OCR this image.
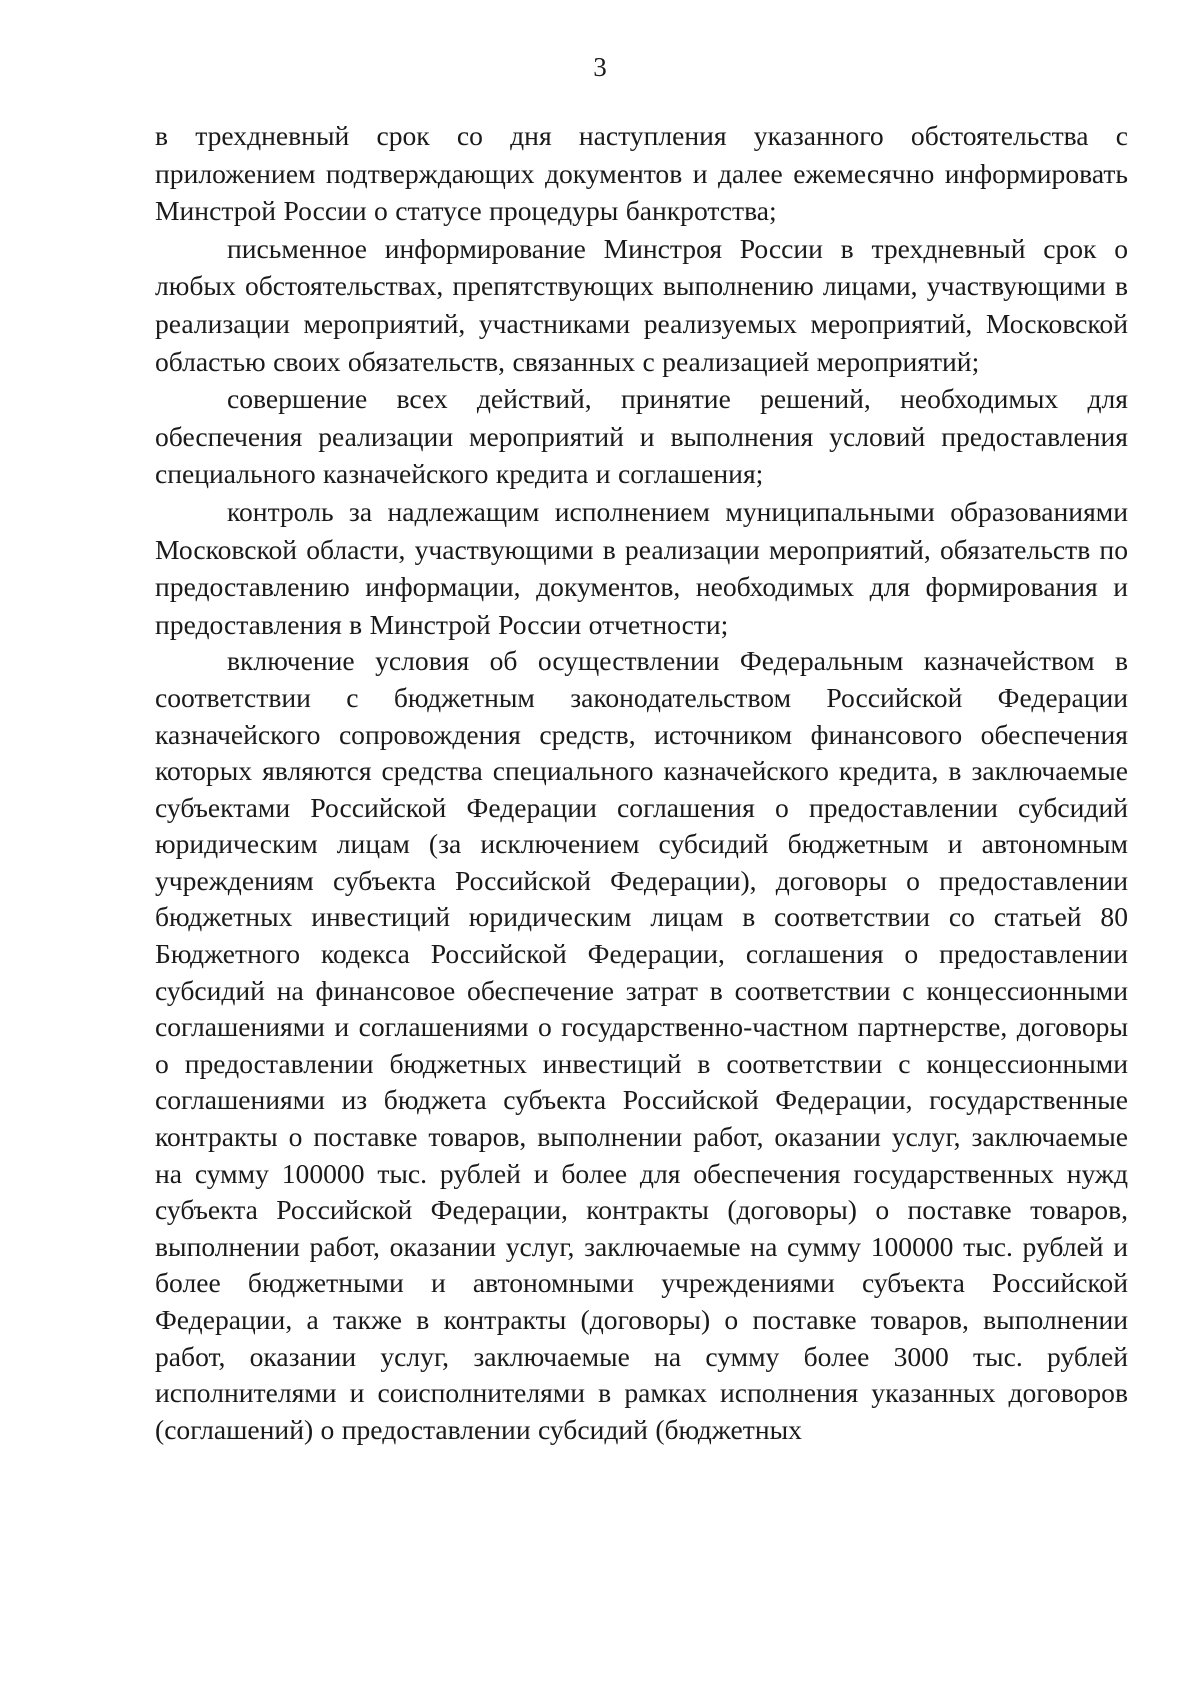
3

в трехдневный срок со дня наступления указанного обстоятельства с приложением подтверждающих документов и далее ежемесячно информировать Минстрой России о статусе процедуры банкротства;

письменное информирование Минстроя России в трехдневный срок о любых обстоятельствах, препятствующих выполнению лицами, участвующими в реализации мероприятий, участниками реализуемых мероприятий, Московской областью своих обязательств, связанных с реализацией мероприятий;

совершение всех действий, принятие решений, необходимых для обеспечения реализации мероприятий и выполнения условий предоставления специального казначейского кредита и соглашения;

контроль за надлежащим исполнением муниципальными образованиями Московской области, участвующими в реализации мероприятий, обязательств по предоставлению информации, документов, необходимых для формирования и предоставления в Минстрой России отчетности;

включение условия об осуществлении Федеральным казначейством в соответствии с бюджетным законодательством Российской Федерации казначейского сопровождения средств, источником финансового обеспечения которых являются средства специального казначейского кредита, в заключаемые субъектами Российской Федерации соглашения о предоставлении субсидий юридическим лицам (за исключением субсидий бюджетным и автономным учреждениям субъекта Российской Федерации), договоры о предоставлении бюджетных инвестиций юридическим лицам в соответствии со статьей 80 Бюджетного кодекса Российской Федерации, соглашения о предоставлении субсидий на финансовое обеспечение затрат в соответствии с концессионными соглашениями и соглашениями о государственно-частном партнерстве, договоры о предоставлении бюджетных инвестиций в соответствии с концессионными соглашениями из бюджета субъекта Российской Федерации, государственные контракты о поставке товаров, выполнении работ, оказании услуг, заключаемые на сумму 100000 тыс. рублей и более для обеспечения государственных нужд субъекта Российской Федерации, контракты (договоры) о поставке товаров, выполнении работ, оказании услуг, заключаемые на сумму 100000 тыс. рублей и более бюджетными и автономными учреждениями субъекта Российской Федерации, а также в контракты (договоры) о поставке товаров, выполнении работ, оказании услуг, заключаемые на сумму более 3000 тыс. рублей исполнителями и соисполнителями в рамках исполнения указанных договоров (соглашений) о предоставлении субсидий (бюджетных
